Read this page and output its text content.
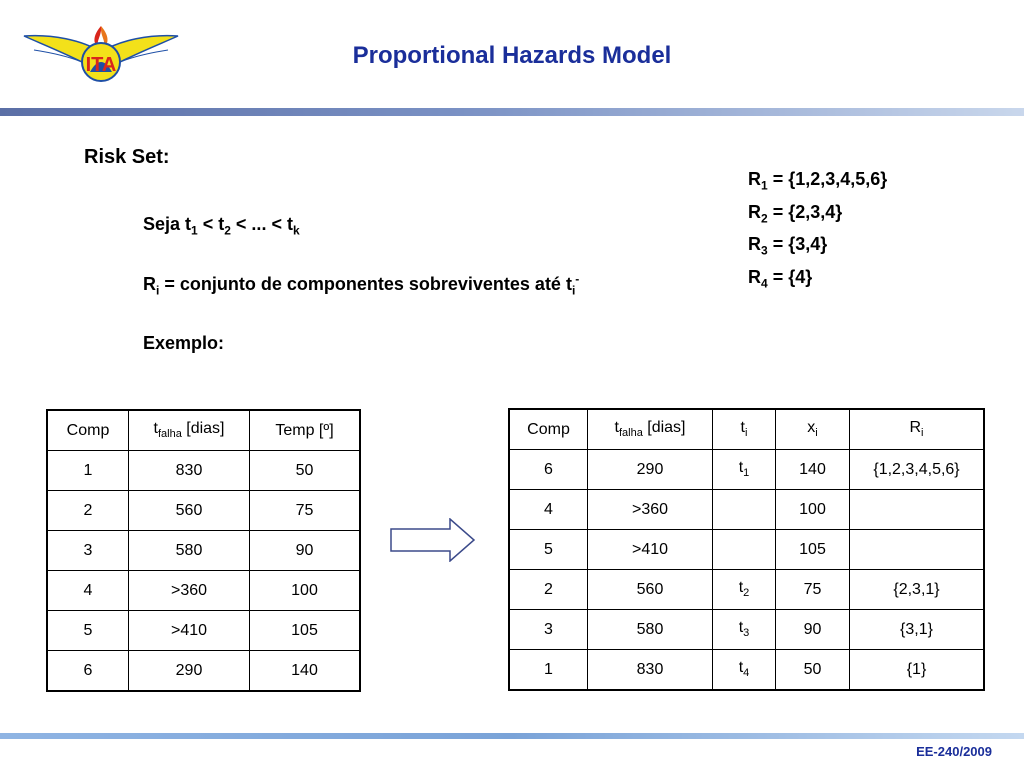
ITA	Proportional Hazards Model
Risk Set:
Seja $t_1 < t_2$ < ... < $t_k$
$R_i$ = conjunto de componentes sobreviventes até $t_i^-$
Exemplo:
$R_1 = \{1,2,3,4,5,6\}$
$R_2 = \{2,3,4\}$
$R_3 = \{3,4\}$
$R_4 = \{4\}$
Comp	$t_{falha}$ [dias]	Temp [º]
1	830	50
2	560	75
3	580	90
4	>360	100
5	>410	105
6	290	140
Comp	$t_{falha}$ [dias]	$t_i$	$x_i$	$R_i$
6	290	$t_1$	140	{1,2,3,4,5,6}
4	>360		100	
5	>410		105	
2	560	$t_2$	75	{2,3,1}
3	580	$t_3$	90	{3,1}
1	830	$t_4$	50	{1}
EE-240/2009
